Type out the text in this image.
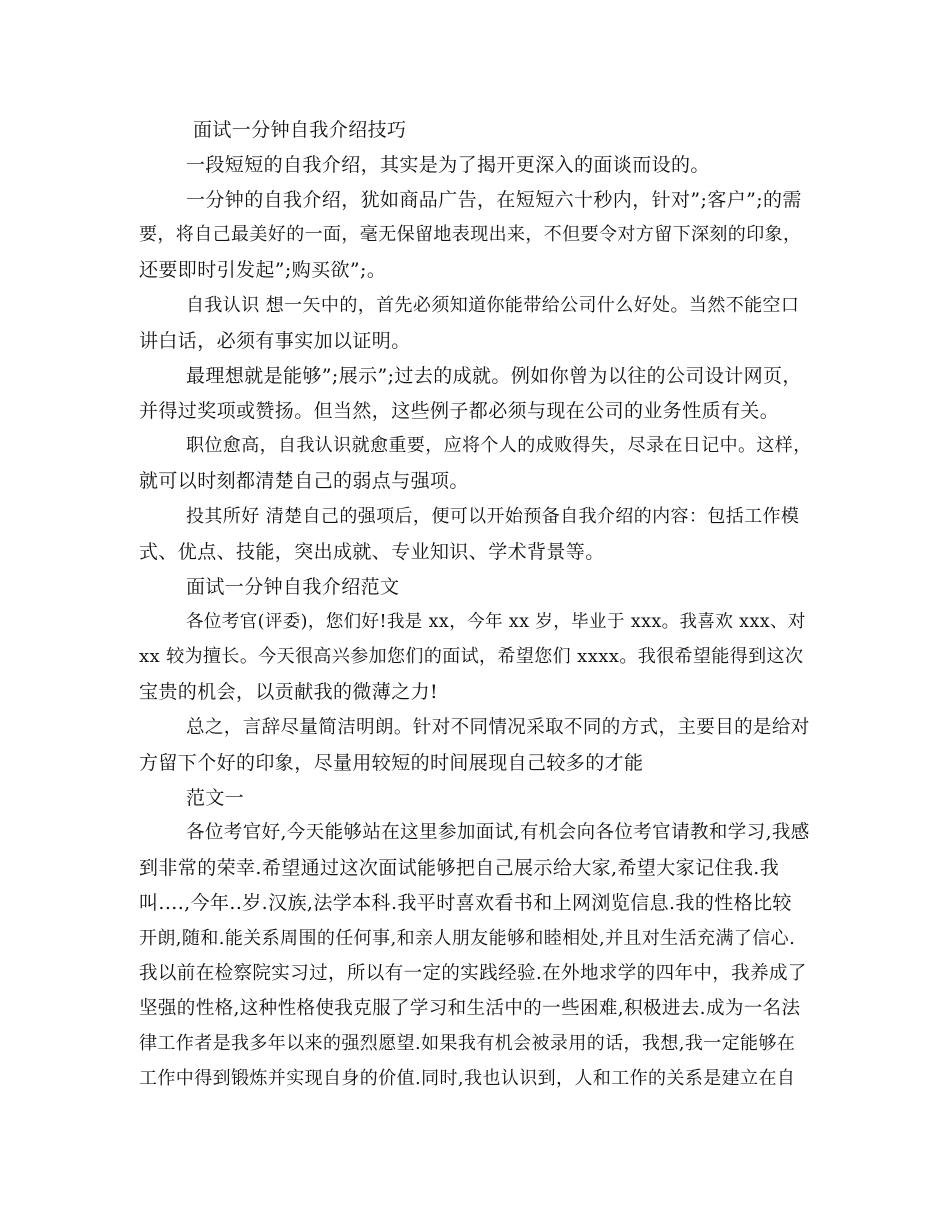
面试一分钟自我介绍技巧
一段短短的自我介绍，其实是为了揭开更深入的面谈而设的。
一分钟的自我介绍，犹如商品广告，在短短六十秒内，针对”;客户”;的需
要，将自己最美好的一面，毫无保留地表现出来，不但要令对方留下深刻的印象，
还要即时引发起”;购买欲”;。
自我认识 想一矢中的，首先必须知道你能带给公司什么好处。当然不能空口
讲白话，必须有事实加以证明。
最理想就是能够”;展示”;过去的成就。例如你曾为以往的公司设计网页，
并得过奖项或赞扬。但当然，这些例子都必须与现在公司的业务性质有关。
职位愈高，自我认识就愈重要，应将个人的成败得失，尽录在日记中。这样，
就可以时刻都清楚自己的弱点与强项。
投其所好 清楚自己的强项后，便可以开始预备自我介绍的内容：包括工作模
式、优点、技能，突出成就、专业知识、学术背景等。
面试一分钟自我介绍范文
各位考官(评委)，您们好!我是 xx，今年 xx 岁，毕业于 xxx。我喜欢 xxx、对
xx 较为擅长。今天很高兴参加您们的面试，希望您们 xxxx。我很希望能得到这次
宝贵的机会，以贡献我的微薄之力!
总之，言辞尽量简洁明朗。针对不同情况采取不同的方式，主要目的是给对
方留下个好的印象，尽量用较短的时间展现自己较多的才能
范文一
各位考官好,今天能够站在这里参加面试,有机会向各位考官请教和学习,我感
到非常的荣幸.希望通过这次面试能够把自己展示给大家,希望大家记住我.我
叫....,今年..岁.汉族,法学本科.我平时喜欢看书和上网浏览信息.我的性格比较
开朗,随和.能关系周围的任何事,和亲人朋友能够和睦相处,并且对生活充满了信心.
我以前在检察院实习过，所以有一定的实践经验.在外地求学的四年中，我养成了
坚强的性格,这种性格使我克服了学习和生活中的一些困难,积极进去.成为一名法
律工作者是我多年以来的强烈愿望.如果我有机会被录用的话，我想,我一定能够在
工作中得到锻炼并实现自身的价值.同时,我也认识到，人和工作的关系是建立在自
